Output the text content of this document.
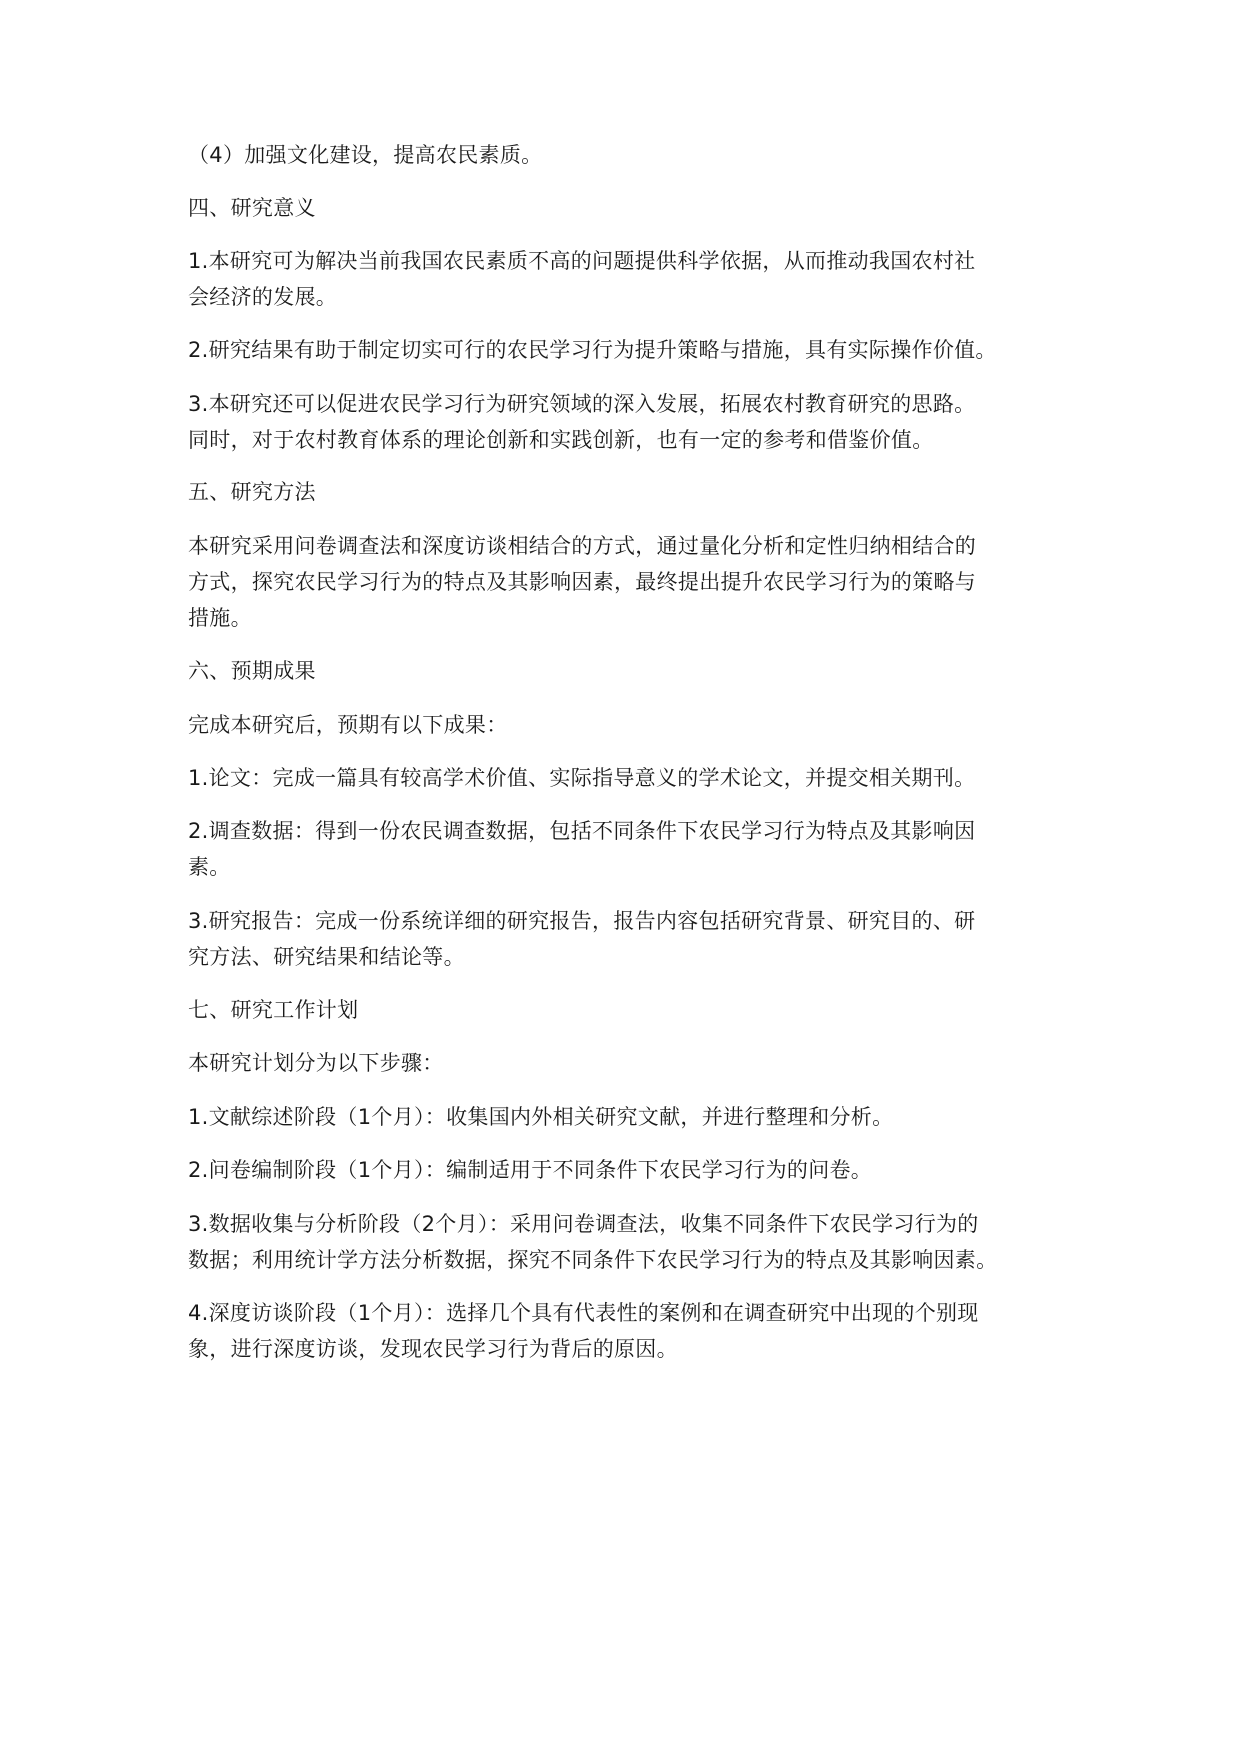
（4）加强文化建设，提高农民素质。

四、研究意义

1.本研究可为解决当前我国农民素质不高的问题提供科学依据，从而推动我国农村社
会经济的发展。

2.研究结果有助于制定切实可行的农民学习行为提升策略与措施，具有实际操作价值。

3.本研究还可以促进农民学习行为研究领域的深入发展，拓展农村教育研究的思路。
同时，对于农村教育体系的理论创新和实践创新，也有一定的参考和借鉴价值。

五、研究方法

本研究采用问卷调查法和深度访谈相结合的方式，通过量化分析和定性归纳相结合的
方式，探究农民学习行为的特点及其影响因素，最终提出提升农民学习行为的策略与
措施。

六、预期成果

完成本研究后，预期有以下成果：

1.论文：完成一篇具有较高学术价值、实际指导意义的学术论文，并提交相关期刊。

2.调查数据：得到一份农民调查数据，包括不同条件下农民学习行为特点及其影响因
素。

3.研究报告：完成一份系统详细的研究报告，报告内容包括研究背景、研究目的、研
究方法、研究结果和结论等。

七、研究工作计划

本研究计划分为以下步骤：

1.文献综述阶段（1个月）：收集国内外相关研究文献，并进行整理和分析。

2.问卷编制阶段（1个月）：编制适用于不同条件下农民学习行为的问卷。

3.数据收集与分析阶段（2个月）：采用问卷调查法，收集不同条件下农民学习行为的
数据；利用统计学方法分析数据，探究不同条件下农民学习行为的特点及其影响因素。

4.深度访谈阶段（1个月）：选择几个具有代表性的案例和在调查研究中出现的个别现
象，进行深度访谈，发现农民学习行为背后的原因。
